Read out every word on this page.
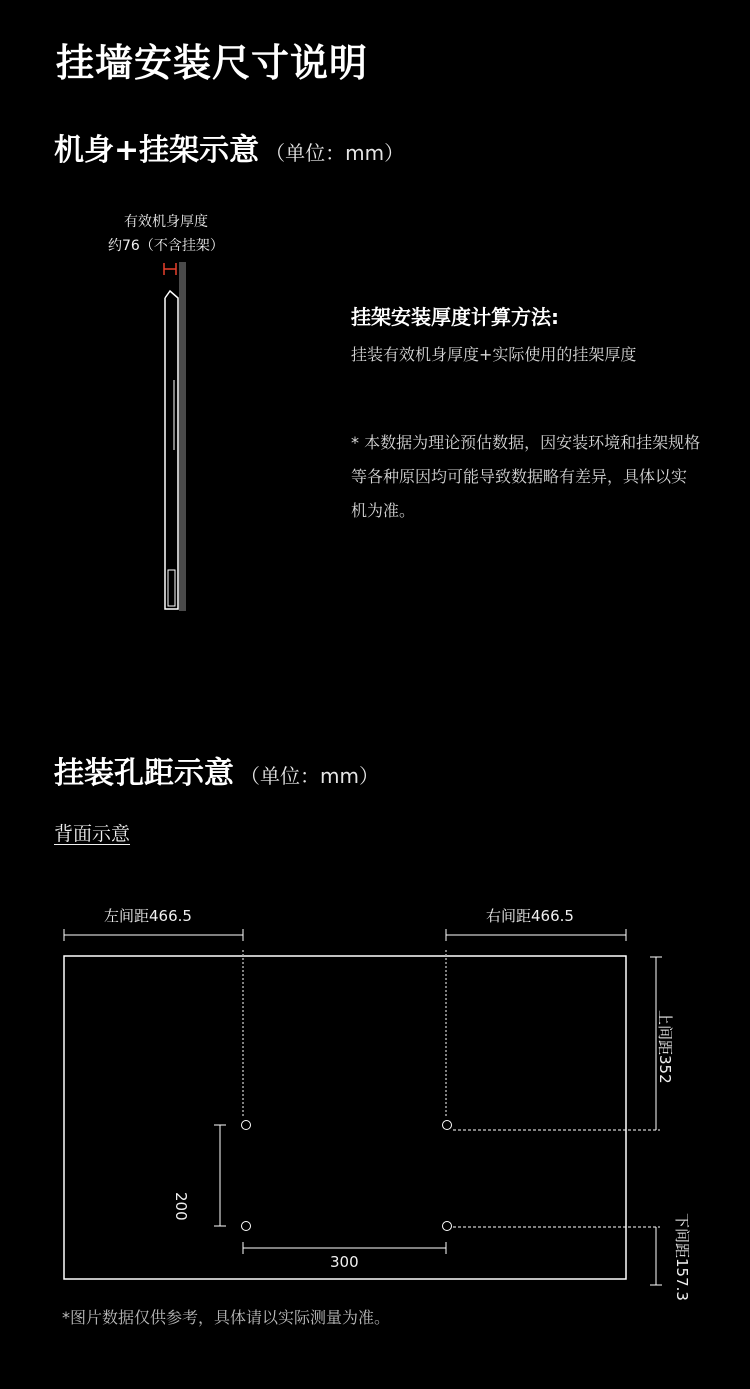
挂墙安装尺寸说明
机身+挂架示意 （单位：mm）
有效机身厚度
约76（不含挂架）
挂架安装厚度计算方法:
挂装有效机身厚度+实际使用的挂架厚度
* 本数据为理论预估数据，因安装环境和挂架规格等各种原因均可能导致数据略有差异，具体以实机为准。
挂装孔距示意 （单位：mm）
背面示意
左间距466.5	右间距466.5
上间距352
下间距157.3
200
300
*图片数据仅供参考，具体请以实际测量为准。
